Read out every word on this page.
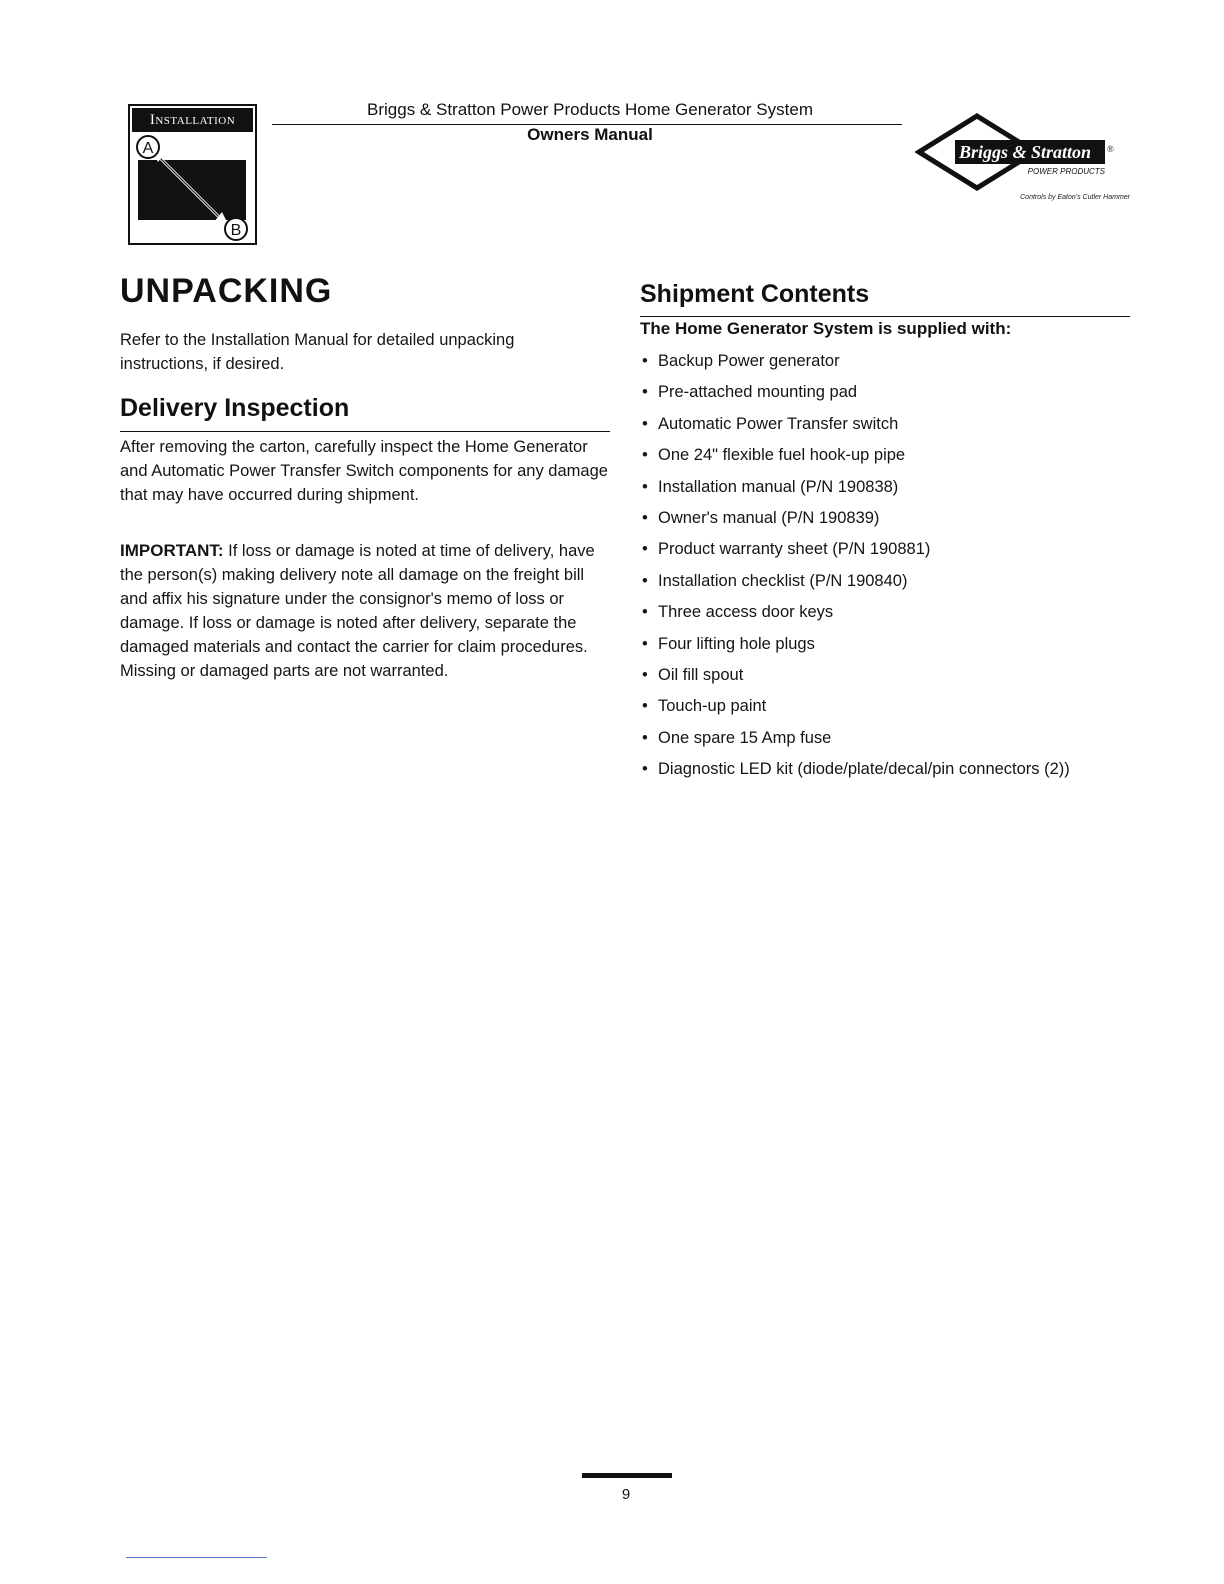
Installation
A
B
Briggs & Stratton Power Products Home Generator System
Owners Manual
Briggs & Stratton ®
POWER PRODUCTS
Controls by Eaton's Cutler Hammer
UNPACKING
Refer to the Installation Manual for detailed unpacking instructions, if desired.
Delivery Inspection
After removing the carton, carefully inspect the Home Generator and Automatic Power Transfer Switch components for any damage that may have occurred during shipment.
IMPORTANT: If loss or damage is noted at time of delivery, have the person(s) making delivery note all damage on the freight bill and affix his signature under the consignor's memo of loss or damage. If loss or damage is noted after delivery, separate the damaged materials and contact the carrier for claim procedures. Missing or damaged parts are not warranted.
Shipment Contents
The Home Generator System is supplied with:
• Backup Power generator
• Pre-attached mounting pad
• Automatic Power Transfer switch
• One 24" flexible fuel hook-up pipe
• Installation manual (P/N 190838)
• Owner's manual (P/N 190839)
• Product warranty sheet (P/N 190881)
• Installation checklist (P/N 190840)
• Three access door keys
• Four lifting hole plugs
• Oil fill spout
• Touch-up paint
• One spare 15 Amp fuse
• Diagnostic LED kit (diode/plate/decal/pin connectors (2))
9
